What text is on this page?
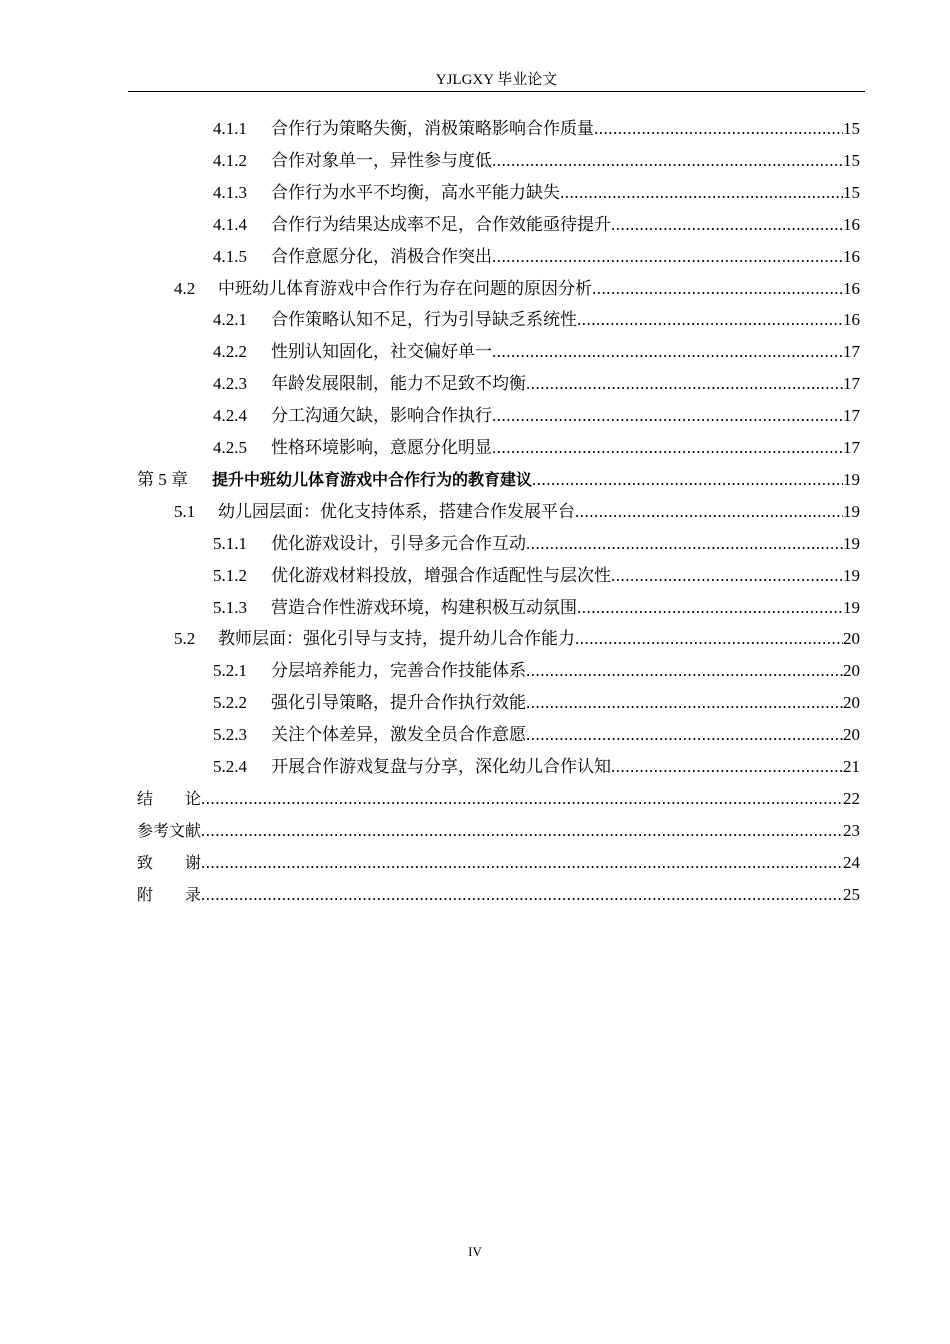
YJLGXY 毕业论文
4.1.1	合作行为策略失衡，消极策略影响合作质量 .....	15
4.1.2	合作对象单一，异性参与度低 .....	15
4.1.3	合作行为水平不均衡，高水平能力缺失 .....	15
4.1.4	合作行为结果达成率不足，合作效能亟待提升 .....	16
4.1.5	合作意愿分化，消极合作突出 .....	16
4.2	中班幼儿体育游戏中合作行为存在问题的原因分析 .....	16
4.2.1	合作策略认知不足，行为引导缺乏系统性 .....	16
4.2.2	性别认知固化，社交偏好单一 .....	17
4.2.3	年龄发展限制，能力不足致不均衡 .....	17
4.2.4	分工沟通欠缺，影响合作执行 .....	17
4.2.5	性格环境影响，意愿分化明显 .....	17
第 5 章	提升中班幼儿体育游戏中合作行为的教育建议 .....	19
5.1	幼儿园层面：优化支持体系，搭建合作发展平台 .....	19
5.1.1	优化游戏设计，引导多元合作互动 .....	19
5.1.2	优化游戏材料投放，增强合作适配性与层次性 .....	19
5.1.3	营造合作性游戏环境，构建积极互动氛围 .....	19
5.2	教师层面：强化引导与支持，提升幼儿合作能力 .....	20
5.2.1	分层培养能力，完善合作技能体系 .....	20
5.2.2	强化引导策略，提升合作执行效能 .....	20
5.2.3	关注个体差异，激发全员合作意愿 .....	20
5.2.4	开展合作游戏复盘与分享，深化幼儿合作认知 .....	21
结　　论 .....	22
参考文献 .....	23
致　　谢 .....	24
附　　录 .....	25
IV
